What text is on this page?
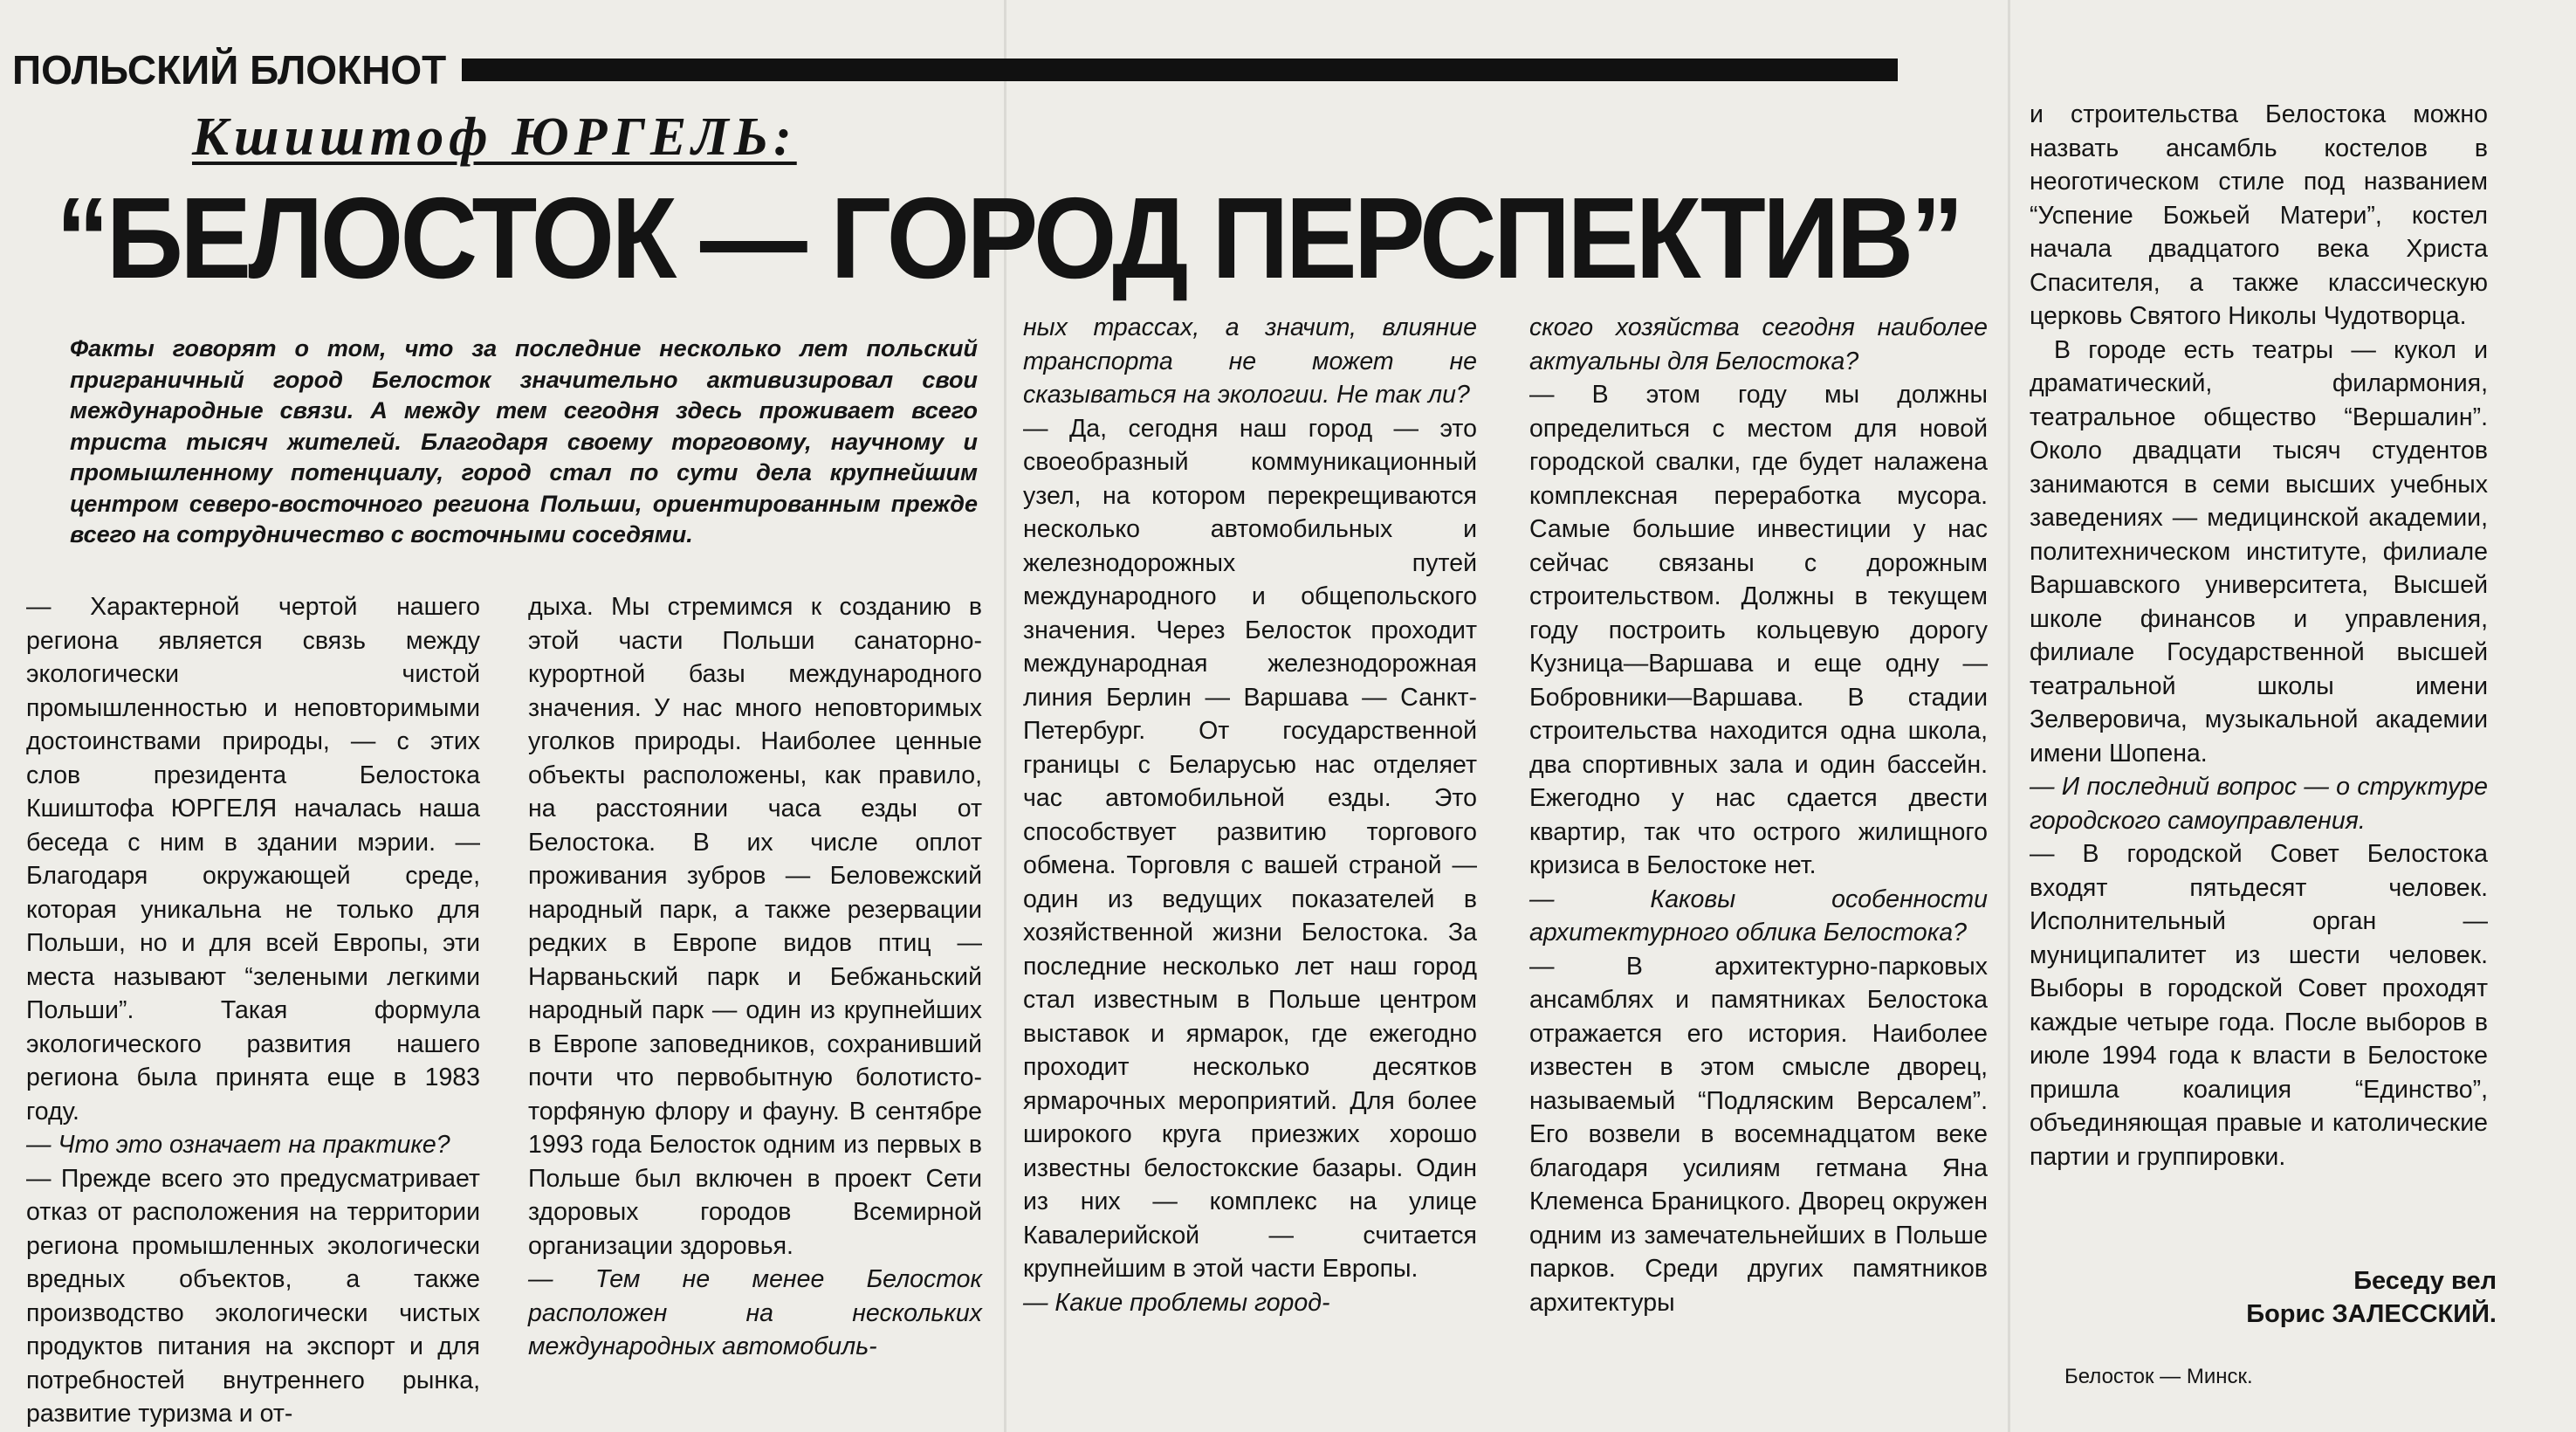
ПОЛЬСКИЙ БЛОКНОТ
Кшиштоф ЮРГЕЛЬ:
“БЕЛОСТОК — ГОРОД ПЕРСПЕКТИВ”
Факты говорят о том, что за последние несколько лет польский приграничный город Белосток значительно активизировал свои международные связи. А между тем сегодня здесь проживает всего триста тысяч жителей. Благодаря своему торговому, научному и промышленному потенциалу, город стал по сути дела крупнейшим центром северо-восточного региона Польши, ориентированным прежде всего на сотрудничество с восточными соседями.

— Характерной чертой нашего региона является связь между экологически чистой промышленностью и неповторимыми достоинствами природы, — с этих слов президента Белостока Кшиштофа ЮРГЕЛЯ началась наша беседа с ним в здании мэрии. — Благодаря окружающей среде, которая уникальна не только для Польши, но и для всей Европы, эти места называют “зелеными легкими Польши”. Такая формула экологического развития нашего региона была принята еще в 1983 году.

— Что это означает на практике?

— Прежде всего это предусматривает отказ от расположения на территории региона промышленных экологически вредных объектов, а также производство экологически чистых продуктов питания на экспорт и для потребностей внутреннего рынка, развитие туризма и от-

дыха. Мы стремимся к созданию в этой части Польши санаторно-курортной базы международного значения. У нас много неповторимых уголков природы. Наиболее ценные объекты расположены, как правило, на расстоянии часа езды от Белостока. В их числе оплот проживания зубров — Беловежский народный парк, а также резервации редких в Европе видов птиц — Нарваньский парк и Бебжаньский народный парк — один из крупнейших в Европе заповедников, сохранивший почти что первобытную болотисто-торфяную флору и фауну. В сентябре 1993 года Белосток одним из первых в Польше был включен в проект Сети здоровых городов Всемирной организации здоровья.

— Тем не менее Белосток расположен на нескольких международных автомобиль-

ных трассах, а значит, влияние транспорта не может не сказываться на экологии. Не так ли?

— Да, сегодня наш город — это своеобразный коммуникационный узел, на котором перекрещиваются несколько автомобильных и железнодорожных путей международного и общепольского значения. Через Белосток проходит международная железнодорожная линия Берлин — Варшава — Санкт-Петербург. От государственной границы с Беларусью нас отделяет час автомобильной езды. Это способствует развитию торгового обмена. Торговля с вашей страной — один из ведущих показателей в хозяйственной жизни Белостока. За последние несколько лет наш город стал известным в Польше центром выставок и ярмарок, где ежегодно проходит несколько десятков ярмарочных мероприятий. Для более широкого круга приезжих хорошо известны белостокские базары. Один из них — комплекс на улице Кавалерийской — считается крупнейшим в этой части Европы.

— Какие проблемы город-

ского хозяйства сегодня наиболее актуальны для Белостока?

— В этом году мы должны определиться с местом для новой городской свалки, где будет налажена комплексная переработка мусора. Самые большие инвестиции у нас сейчас связаны с дорожным строительством. Должны в текущем году построить кольцевую дорогу Кузница—Варшава и еще одну — Бобровники—Варшава. В стадии строительства находится одна школа, два спортивных зала и один бассейн. Ежегодно у нас сдается двести квартир, так что острого жилищного кризиса в Белостоке нет.

— Каковы особенности архитектурного облика Белостока?

— В архитектурно-парковых ансамблях и памятниках Белостока отражается его история. Наиболее известен в этом смысле дворец, называемый “Подляским Версалем”. Его возвели в восемнадцатом веке благодаря усилиям гетмана Яна Клеменса Браницкого. Дворец окружен одним из замечательнейших в Польше парков. Среди других памятников архитектуры

и строительства Белостока можно назвать ансамбль костелов в неоготическом стиле под названием “Успение Божьей Матери”, костел начала двадцатого века Христа Спасителя, а также классическую церковь Святого Николы Чудотворца.

В городе есть театры — кукол и драматический, филармония, театральное общество “Вершалин”. Около двадцати тысяч студентов занимаются в семи высших учебных заведениях — медицинской академии, политехническом институте, филиале Варшавского университета, Высшей школе финансов и управления, филиале Государственной высшей театральной школы имени Зелверовича, музыкальной академии имени Шопена.

— И последний вопрос — о структуре городского самоуправления.

— В городской Совет Белостока входят пятьдесят человек. Исполнительный орган — муниципалитет из шести человек. Выборы в городской Совет проходят каждые четыре года. После выборов в июле 1994 года к власти в Белостоке пришла коалиция “Единство”, объединяющая правые и католические партии и группировки.

Беседу вел
Борис ЗАЛЕССКИЙ.
Белосток — Минск.
